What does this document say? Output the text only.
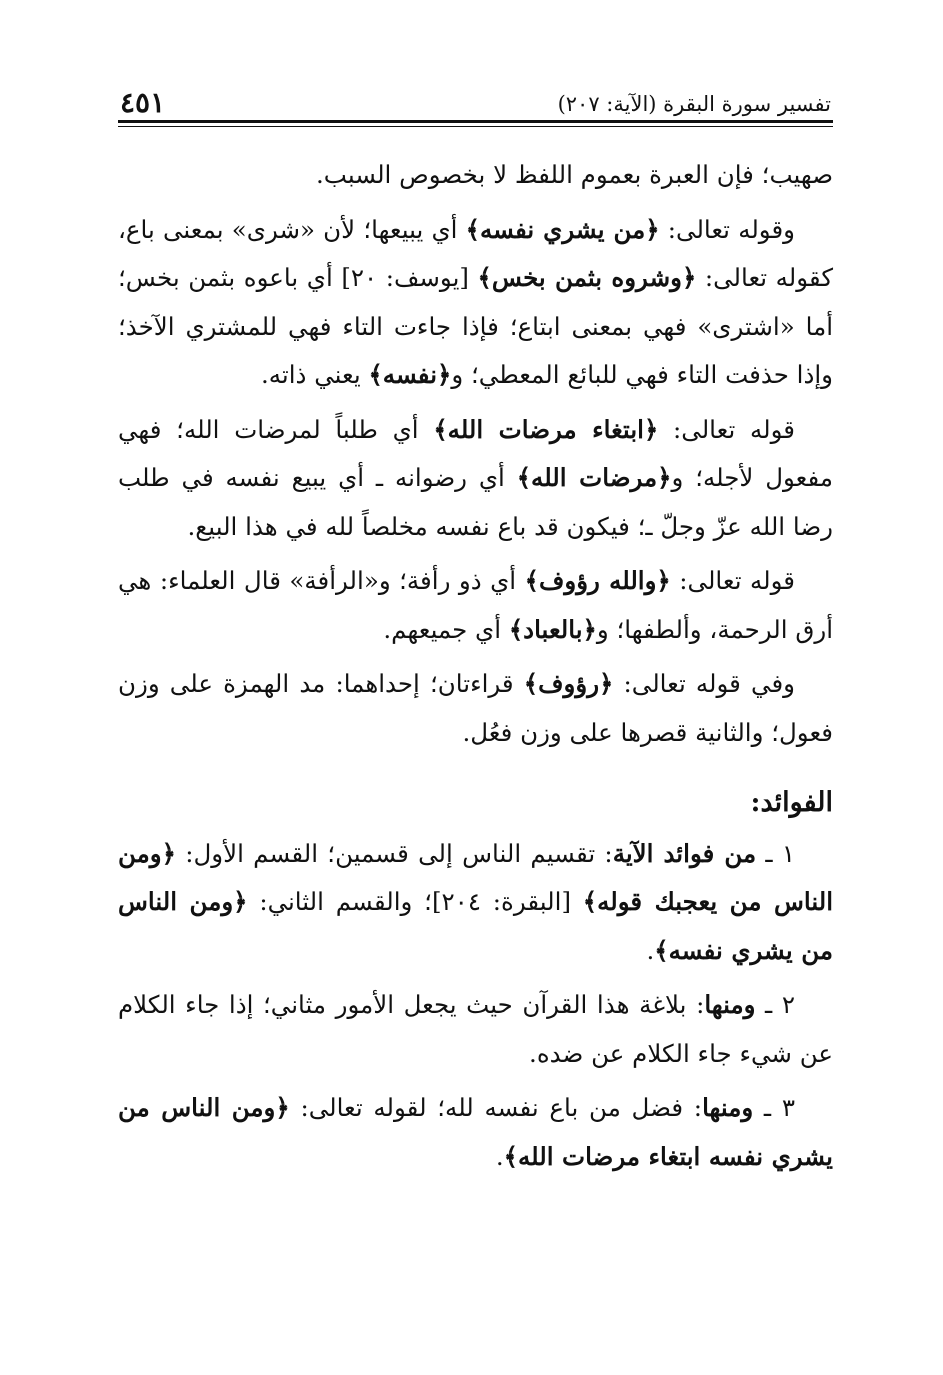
تفسير سورة البقرة (الآية: ٢٠٧)
٤٥١

صهيب؛ فإن العبرة بعموم اللفظ لا بخصوص السبب.

وقوله تعالى: ﴿من يشري نفسه﴾ أي يبيعها؛ لأن «شرى» بمعنى باع، كقوله تعالى: ﴿وشروه بثمن بخس﴾ [يوسف: ٢٠] أي باعوه بثمن بخس؛ أما «اشترى» فهي بمعنى ابتاع؛ فإذا جاءت التاء فهي للمشتري الآخذ؛ وإذا حذفت التاء فهي للبائع المعطي؛ و﴿نفسه﴾ يعني ذاته.

قوله تعالى: ﴿ابتغاء مرضات الله﴾ أي طلباً لمرضات الله؛ فهي مفعول لأجله؛ و﴿مرضات الله﴾ أي رضوانه ـ أي يبيع نفسه في طلب رضا الله عزّ وجلّ ـ؛ فيكون قد باع نفسه مخلصاً لله في هذا البيع.

قوله تعالى: ﴿والله رؤوف﴾ أي ذو رأفة؛ و«الرأفة» قال العلماء: هي أرق الرحمة، وألطفها؛ و﴿بالعباد﴾ أي جميعهم.

وفي قوله تعالى: ﴿رؤوف﴾ قراءتان؛ إحداهما: مد الهمزة على وزن فعول؛ والثانية قصرها على وزن فعُل.

الفوائد:

١ ـ من فوائد الآية: تقسيم الناس إلى قسمين؛ القسم الأول: ﴿ومن الناس من يعجبك قوله﴾ [البقرة: ٢٠٤]؛ والقسم الثاني: ﴿ومن الناس من يشري نفسه﴾.

٢ ـ ومنها: بلاغة هذا القرآن حيث يجعل الأمور مثاني؛ إذا جاء الكلام عن شيء جاء الكلام عن ضده.

٣ ـ ومنها: فضل من باع نفسه لله؛ لقوله تعالى: ﴿ومن الناس من يشري نفسه ابتغاء مرضات الله﴾.
